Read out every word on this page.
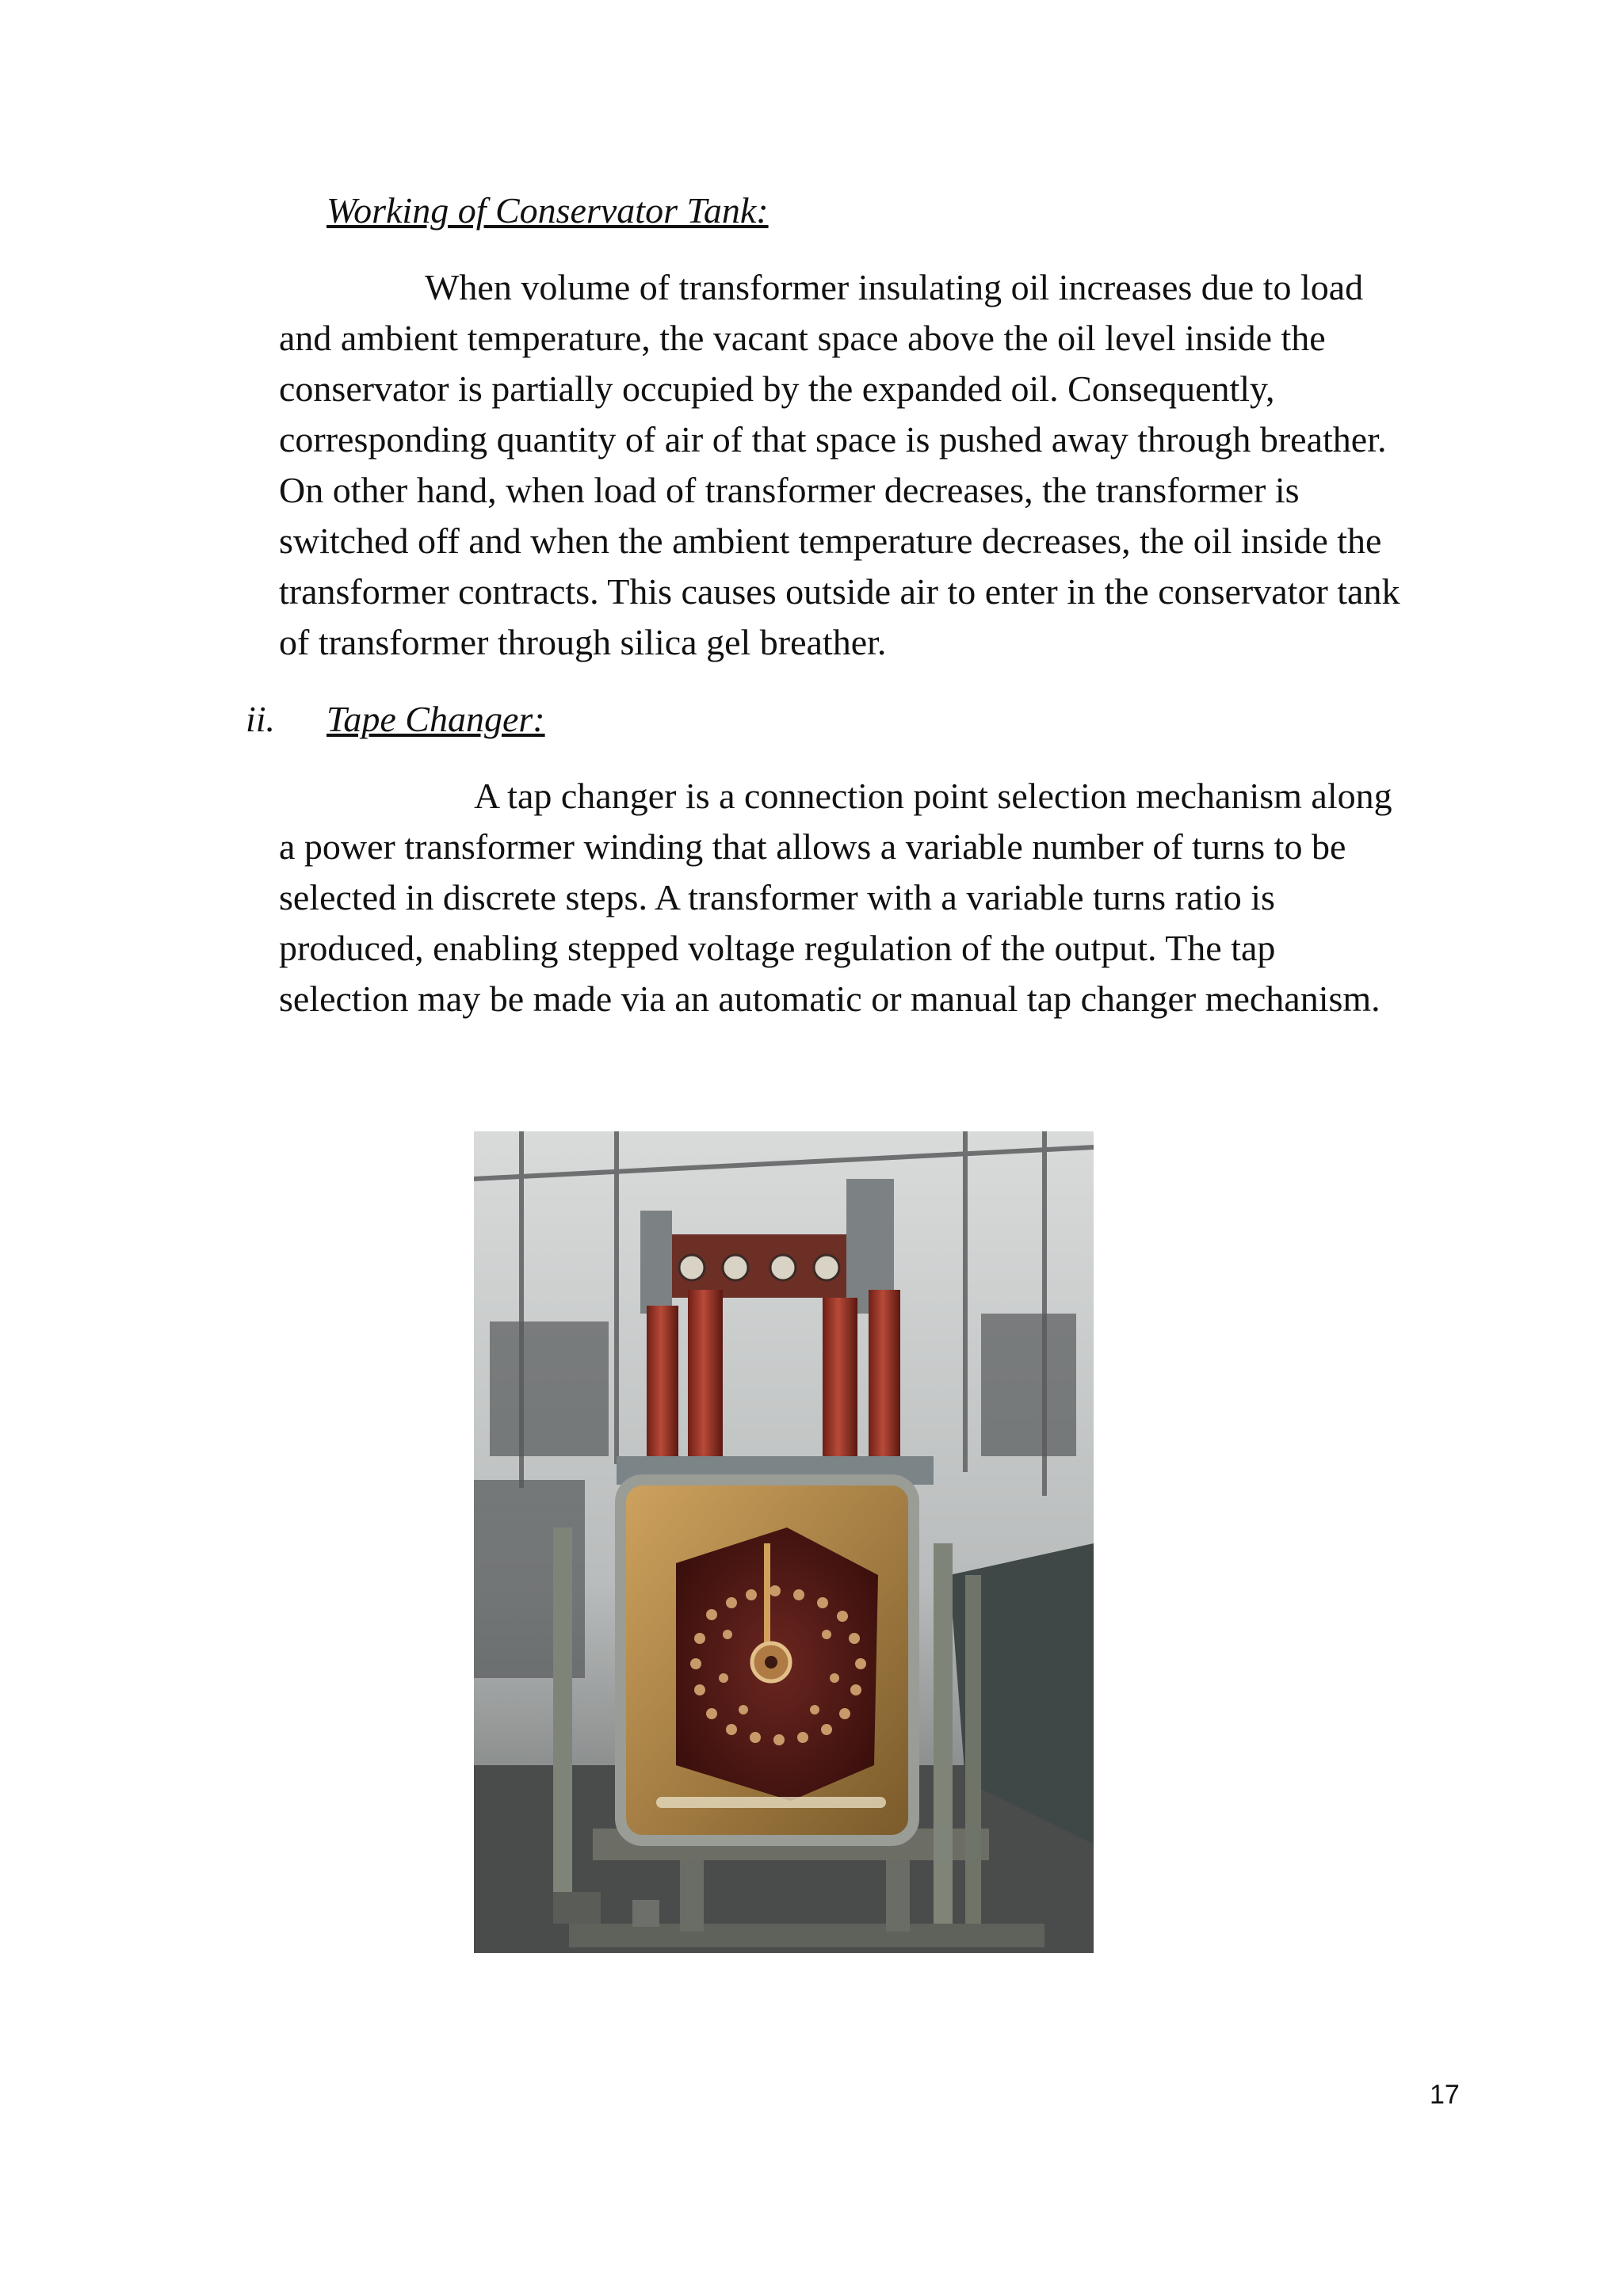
Working of Conservator Tank:
When volume of transformer insulating oil increases due to load
and ambient temperature, the vacant space above the oil level inside the
conservator is partially occupied by the expanded oil. Consequently,
corresponding quantity of air of that space is pushed away through breather.
On other hand, when load of transformer decreases, the transformer is
switched off and when the ambient temperature decreases, the oil inside the
transformer contracts. This causes outside air to enter in the conservator tank
of transformer through silica gel breather.
ii. Tape Changer:
A tap changer is a connection point selection mechanism along
a power transformer winding that allows a variable number of turns to be
selected in discrete steps. A transformer with a variable turns ratio is
produced, enabling stepped voltage regulation of the output. The tap
selection may be made via an automatic or manual tap changer mechanism.
17
